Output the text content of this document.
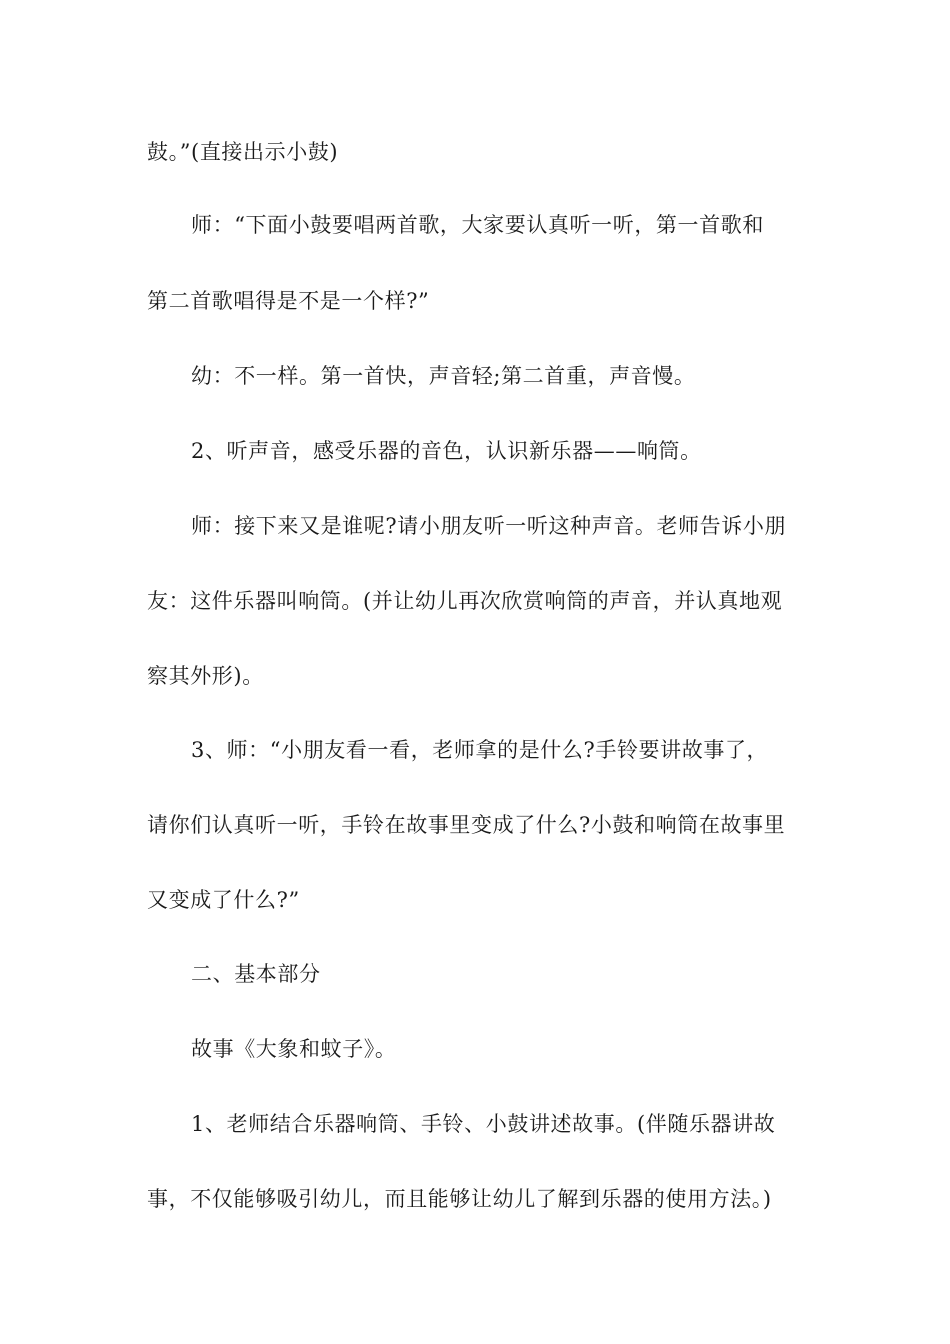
鼓。”(直接出示小鼓)
师：“下面小鼓要唱两首歌，大家要认真听一听，第一首歌和
第二首歌唱得是不是一个样?”
幼：不一样。第一首快，声音轻;第二首重，声音慢。
2、听声音，感受乐器的音色，认识新乐器——响筒。
师：接下来又是谁呢?请小朋友听一听这种声音。老师告诉小朋
友：这件乐器叫响筒。(并让幼儿再次欣赏响筒的声音，并认真地观
察其外形)。
3、师：“小朋友看一看，老师拿的是什么?手铃要讲故事了，
请你们认真听一听，手铃在故事里变成了什么?小鼓和响筒在故事里
又变成了什么?”
二、基本部分
故事《大象和蚊子》。
1、老师结合乐器响筒、手铃、小鼓讲述故事。(伴随乐器讲故
事，不仅能够吸引幼儿，而且能够让幼儿了解到乐器的使用方法。)
